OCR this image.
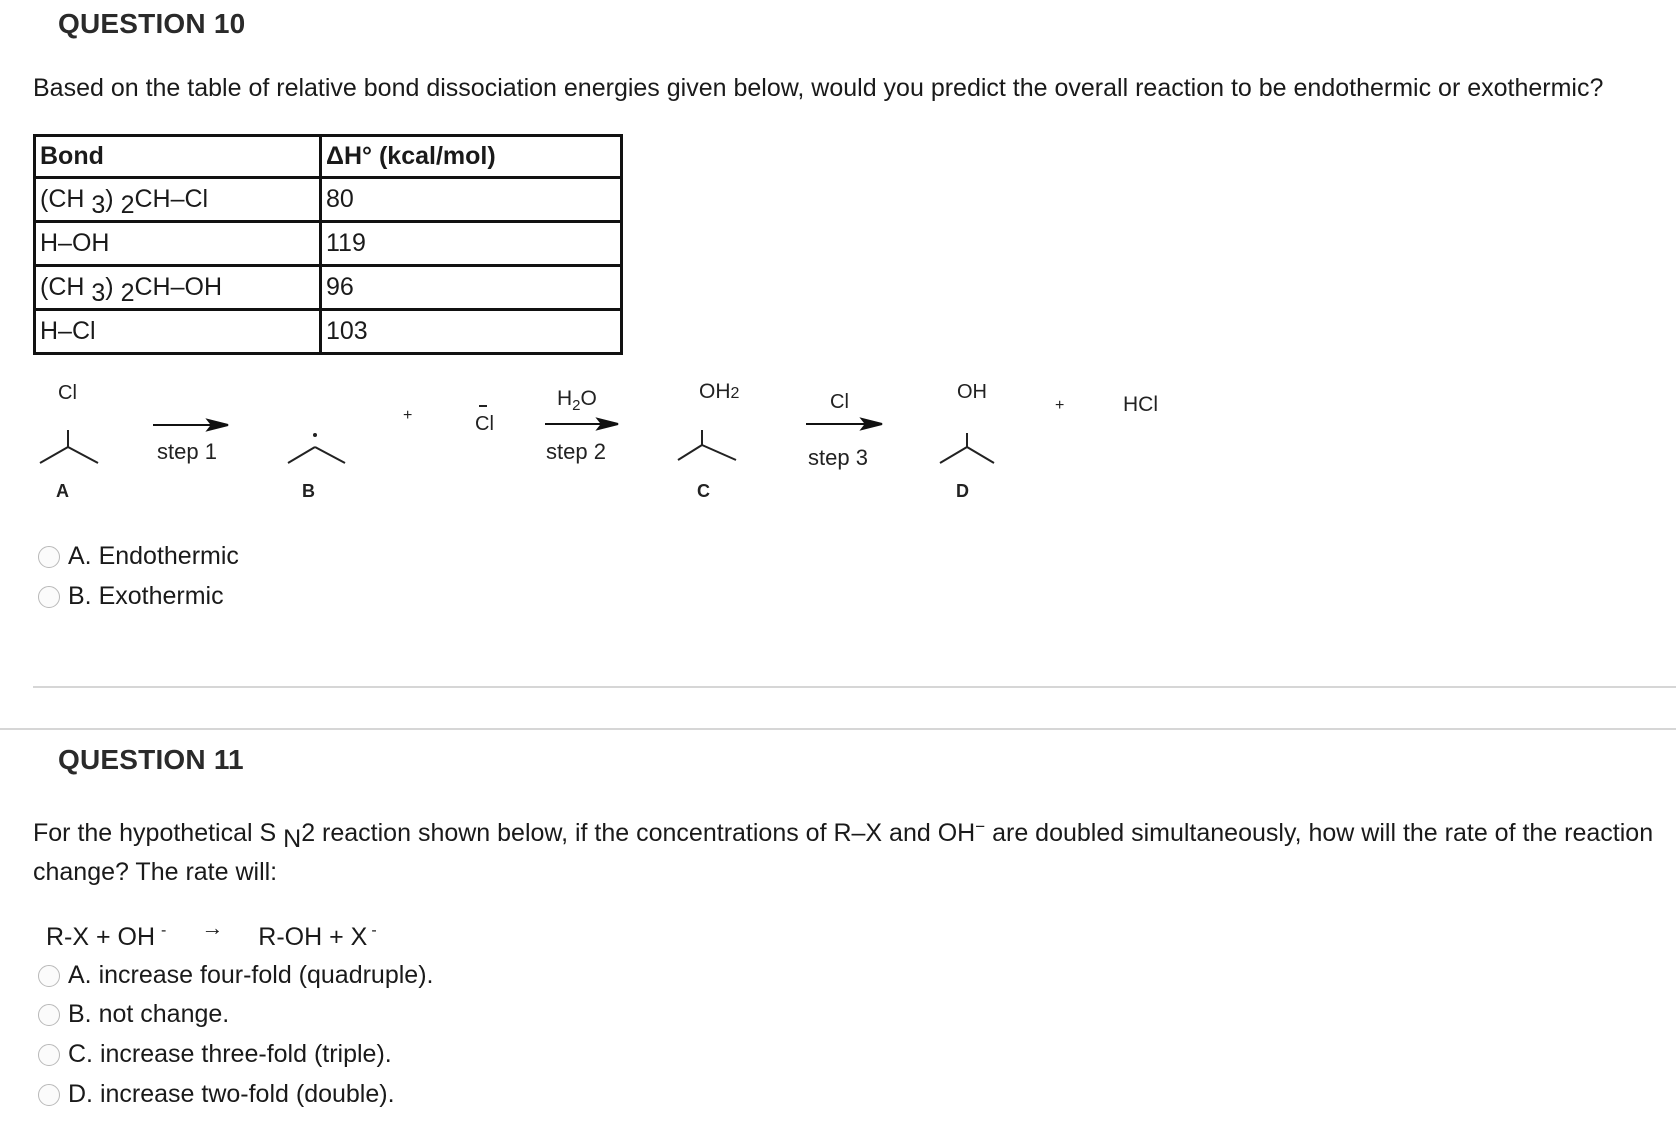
QUESTION 10
Based on the table of relative bond dissociation energies given below, would you predict the overall reaction to be endothermic or exothermic?
Bond	ΔH° (kcal/mol)
(CH 3) 2CH–Cl	80
H–OH	119
(CH 3) 2CH–OH	96
H–Cl	103
Cl
step 1
+	Cl
$H_2O$
step 2
OH2	Cl
step 3
OH
+	HCl
A	B	C	D
A. Endothermic
B. Exothermic
QUESTION 11
For the hypothetical S N2 reaction shown below, if the concentrations of R–X and OH− are doubled simultaneously, how will the rate of the reaction change? The rate will:
R-X + OH - → R-OH + X -
A. increase four-fold (quadruple).
B. not change.
C. increase three-fold (triple).
D. increase two-fold (double).
